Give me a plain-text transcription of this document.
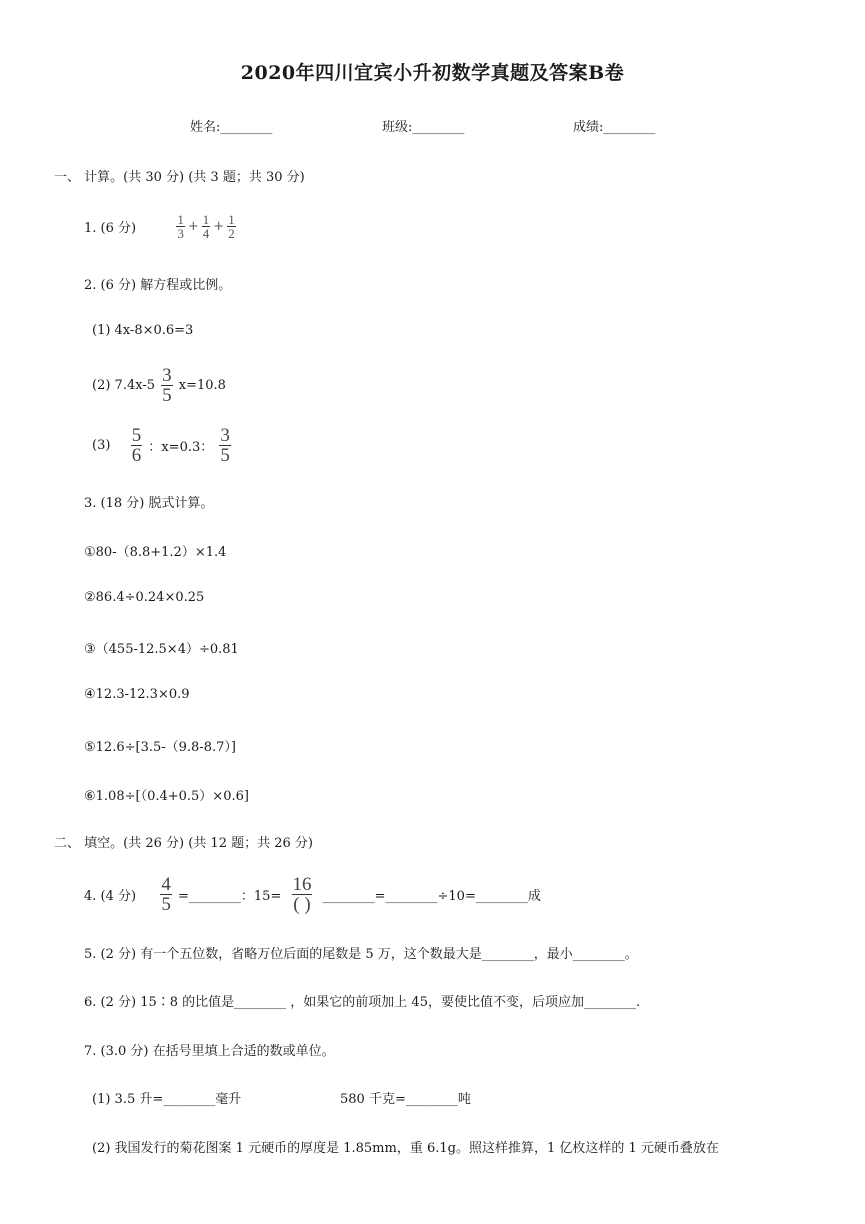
2020年四川宜宾小升初数学真题及答案B卷
姓名:________	班级:________	成绩:________
一、 计算。(共 30 分) (共 3 题；共 30 分)
1. (6 分)	$\frac{1}{3} + \frac{1}{4} + \frac{1}{2}$
2. (6 分) 解方程或比例。
(1) 4x-8×0.6=3
(2) $7.4x-5 \frac{3}{5} x=10.8$
$(3) \frac{5}{6}$ ：x=0.3： $\frac{3}{5}$
3. (18 分) 脱式计算。
①80-（8.8+1.2）×1.4
②86.4÷0.24×0.25
③（455-12.5×4）÷0.81
④12.3-12.3×0.9
⑤12.6÷[3.5-（9.8-8.7）]
⑥1.08÷[（0.4+0.5）×0.6]
二、 填空。(共 26 分) (共 12 题；共 26 分)
4. (4 分) $\frac{4}{5}$ =________：$15= \frac{16}{( )}$ ________=________÷10=________成
5. (2 分) 有一个五位数，省略万位后面的尾数是 5 万，这个数最大是________，最小________。
6. (2 分) 15∶8 的比值是________ ，如果它的前项加上 45，要使比值不变，后项应加________.
7. (3.0 分) 在括号里填上合适的数或单位。
(1) 3.5 升=________毫升	580 千克=________吨
(2) 我国发行的菊花图案 1 元硬币的厚度是 1.85mm，重 6.1g。照这样推算，1 亿枚这样的 1 元硬币叠放在
